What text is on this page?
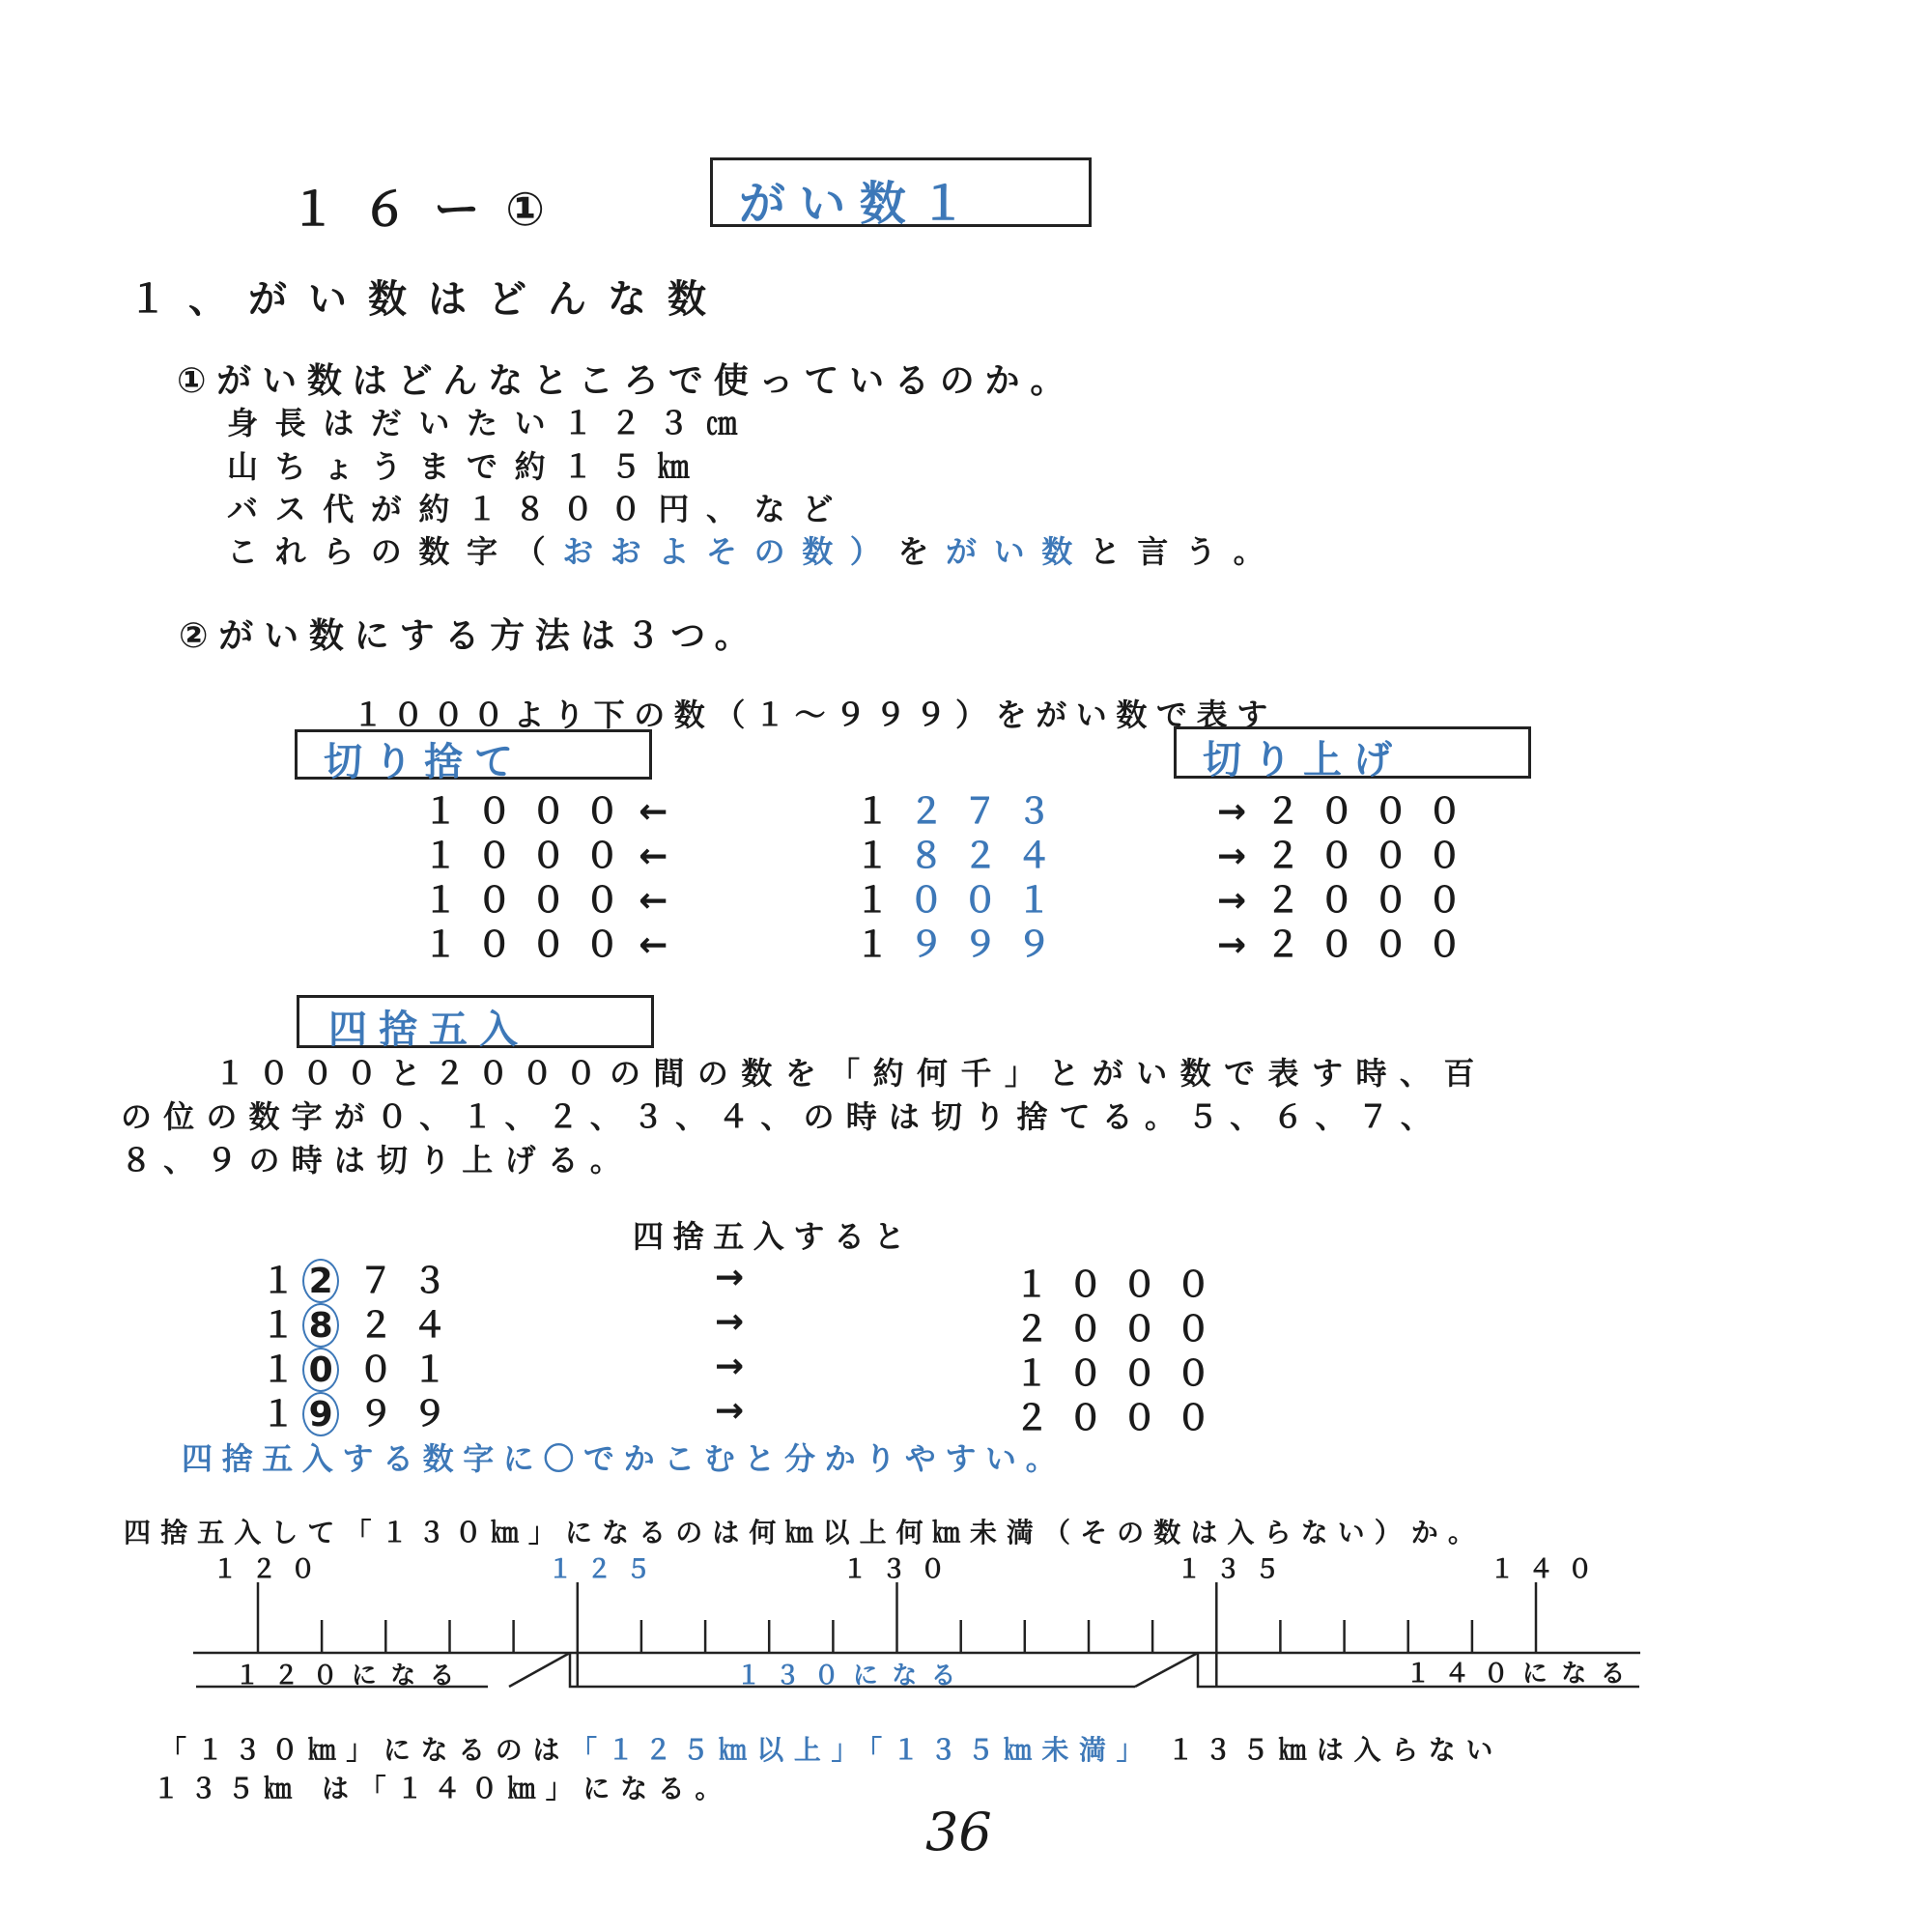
１６ー①	がい数１
１、がい数はどんな数
①がい数はどんなところで使っているのか。
身長はだいたい１２３㎝
山ちょうまで約１５㎞
バス代が約１８００円、など
これらの数字（おおよその数）をがい数と言う。
②がい数にする方法は３つ。
１０００より下の数（１～９９９）をがい数で表す
切り捨て	切り上げ
１０００←	１２７３	→２０００
１０００←	１８２４	→２０００
１０００←	１００１	→２０００
１０００←	１９９９	→２０００
四捨五入
１０００と２０００の間の数を「約何千」とがい数で表す時、百
の位の数字が０、１、２、３、４、の時は切り捨てる。５、６、７、
８、９の時は切り上げる。
四捨五入すると
１ 2 ７３	→	１０００
１ 8 ２４	→	２０００
１ 0 ０１	→	１０００
１ 9 ９９	→	２０００
四捨五入する数字に〇でかこむと分かりやすい。
四捨五入して「１３０㎞」になるのは何㎞以上何㎞未満（その数は入らない）か。
１２０	１２５	１３０	１３５	１４０
１２０になる	１３０になる	１４０になる
「１３０㎞」になるのは「１２５㎞以上」「１３５㎞未満」 １３５㎞は入らない
１３５㎞ は「１４０㎞」になる。
36
